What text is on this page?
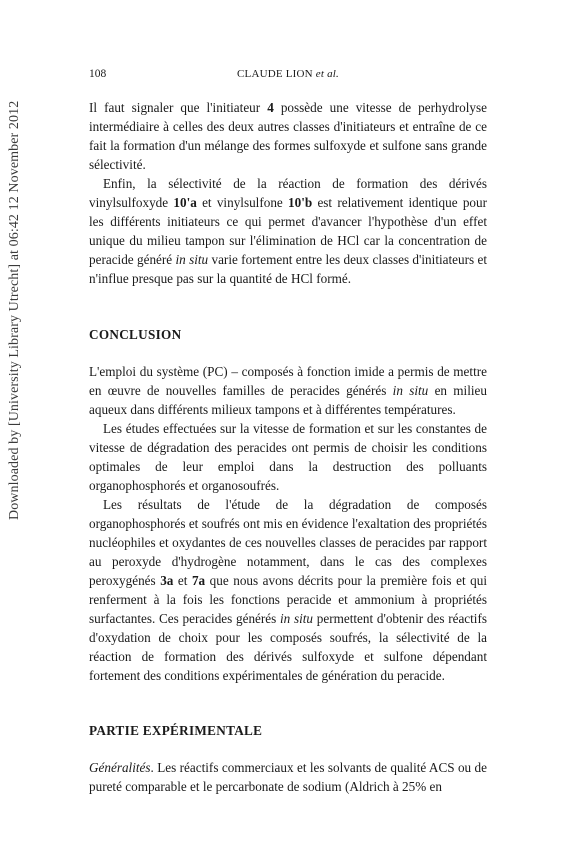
108	CLAUDE LION et al.
Downloaded by [University Library Utrecht] at 06:42 12 November 2012	Il faut signaler que l'initiateur 4 possède une vitesse de perhydrolyse intermédiaire à celles des deux autres classes d'initiateurs et entraîne de ce fait la formation d'un mélange des formes sulfoxyde et sulfone sans grande sélectivité.

Enfin, la sélectivité de la réaction de formation des dérivés vinylsulfoxyde 10'a et vinylsulfone 10'b est relativement identique pour les différents initiateurs ce qui permet d'avancer l'hypothèse d'un effet unique du milieu tampon sur l'élimination de HCl car la concentration de peracide généré in situ varie fortement entre les deux classes d'initiateurs et n'influe presque pas sur la quantité de HCl formé.

CONCLUSION

L'emploi du système (PC) – composés à fonction imide a permis de mettre en œuvre de nouvelles familles de peracides générés in situ en milieu aqueux dans différents milieux tampons et à différentes températures.

Les études effectuées sur la vitesse de formation et sur les constantes de vitesse de dégradation des peracides ont permis de choisir les conditions optimales de leur emploi dans la destruction des polluants organophosphorés et organosoufrés.

Les résultats de l'étude de la dégradation de composés organophosphorés et soufrés ont mis en évidence l'exaltation des propriétés nucléophiles et oxydantes de ces nouvelles classes de peracides par rapport au peroxyde d'hydrogène notamment, dans le cas des complexes peroxygénés 3a et 7a que nous avons décrits pour la première fois et qui renferment à la fois les fonctions peracide et ammonium à propriétés surfactantes. Ces peracides générés in situ permettent d'obtenir des réactifs d'oxydation de choix pour les composés soufrés, la sélectivité de la réaction de formation des dérivés sulfoxyde et sulfone dépendant fortement des conditions expérimentales de génération du peracide.

PARTIE EXPÉRIMENTALE

Généralités. Les réactifs commerciaux et les solvants de qualité ACS ou de pureté comparable et le percarbonate de sodium (Aldrich à 25% en
